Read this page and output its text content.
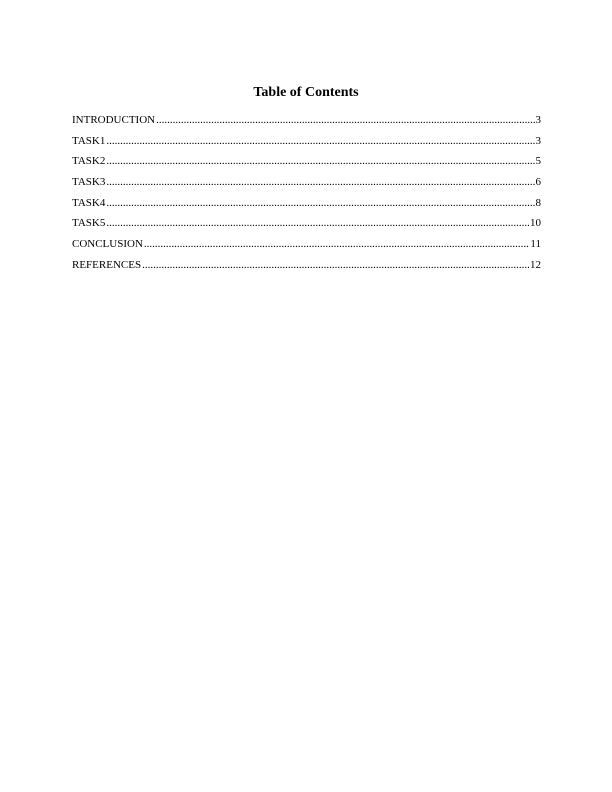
Table of Contents
INTRODUCTION .....	3
TASK1 .....	3
TASK2 .....	5
TASK3 .....	6
TASK4 .....	8
TASK5 .....	10
CONCLUSION .....	11
REFERENCES .....	12
